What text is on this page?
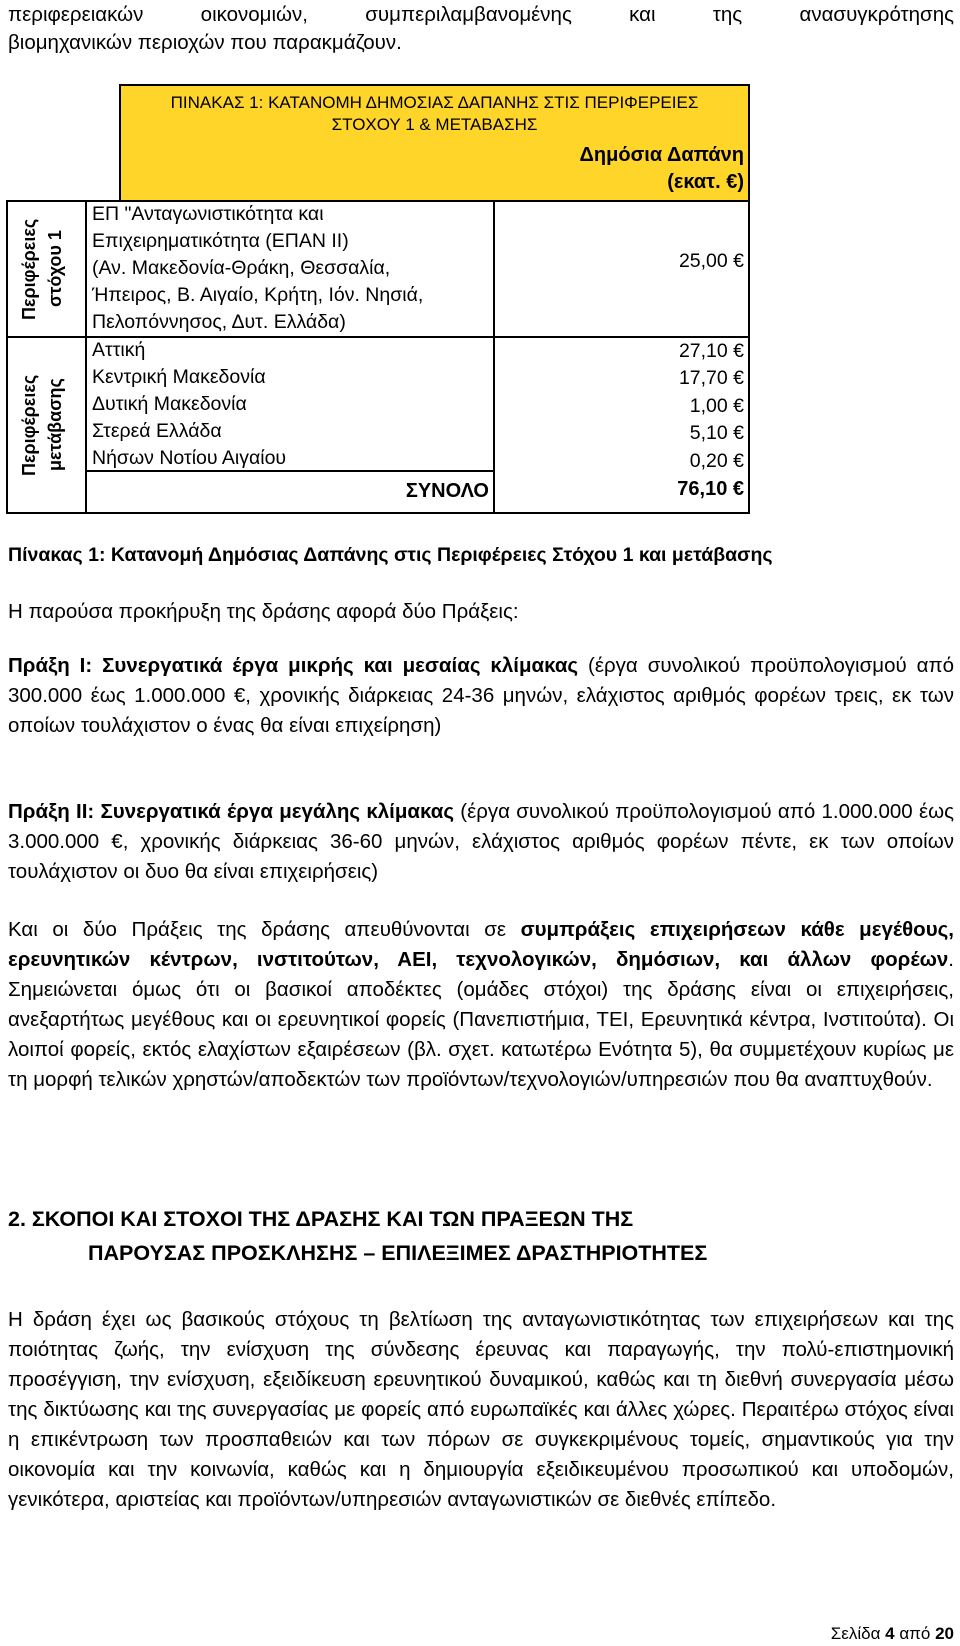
περιφερειακών οικονομιών, συμπεριλαμβανομένης και της ανασυγκρότησης

βιομηχανικών περιοχών που παρακμάζουν.

ΠΙΝΑΚΑΣ 1: ΚΑΤΑΝΟΜΗ ΔΗΜΟΣΙΑΣ ΔΑΠΑΝΗΣ ΣΤΙΣ ΠΕΡΙΦΕΡΕΙΕΣ
ΣΤΟΧΟΥ 1 & ΜΕΤΑΒΑΣΗΣ
Δημόσια Δαπάνη
(εκατ. €)
Περιφέρειες στόχου 1
Περιφέρειες μετάβασης
ΕΠ "Ανταγωνιστικότητα και
Επιχειρηματικότητα (ΕΠΑΝ ΙΙ)
(Αν. Μακεδονία-Θράκη, Θεσσαλία,
Ήπειρος, Β. Αιγαίο, Κρήτη, Ιόν. Νησιά,
Πελοπόννησος, Δυτ. Ελλάδα)
25,00 €
Αττική	27,10 €
Κεντρική Μακεδονία	17,70 €
Δυτική Μακεδονία	1,00 €
Στερεά Ελλάδα	5,10 €
Νήσων Νοτίου Αιγαίου	0,20 €
ΣΥΝΟΛΟ	76,10 €

Πίνακας 1: Κατανομή Δημόσιας Δαπάνης στις Περιφέρειες Στόχου 1 και μετάβασης

Η παρούσα προκήρυξη της δράσης αφορά δύο Πράξεις:

Πράξη Ι: Συνεργατικά έργα μικρής και μεσαίας κλίμακας (έργα συνολικού προϋπολογισμού από 300.000 έως 1.000.000 €, χρονικής διάρκειας 24-36 μηνών, ελάχιστος αριθμός φορέων τρεις, εκ των οποίων τουλάχιστον ο ένας θα είναι επιχείρηση)

Πράξη ΙΙ: Συνεργατικά έργα μεγάλης κλίμακας (έργα συνολικού προϋπολογισμού από 1.000.000 έως 3.000.000 €, χρονικής διάρκειας 36-60 μηνών, ελάχιστος αριθμός φορέων πέντε, εκ των οποίων τουλάχιστον οι δυο θα είναι επιχειρήσεις)

Και οι δύο Πράξεις της δράσης απευθύνονται σε συμπράξεις επιχειρήσεων κάθε μεγέθους, ερευνητικών κέντρων, ινστιτούτων, ΑΕΙ, τεχνολογικών, δημόσιων, και άλλων φορέων. Σημειώνεται όμως ότι οι βασικοί αποδέκτες (ομάδες στόχοι) της δράσης είναι οι επιχειρήσεις, ανεξαρτήτως μεγέθους και οι ερευνητικοί φορείς (Πανεπιστήμια, ΤΕΙ, Ερευνητικά κέντρα, Ινστιτούτα). Οι λοιποί φορείς, εκτός ελαχίστων εξαιρέσεων (βλ. σχετ. κατωτέρω Ενότητα 5), θα συμμετέχουν κυρίως με τη μορφή τελικών χρηστών/αποδεκτών των προϊόντων/τεχνολογιών/υπηρεσιών που θα αναπτυχθούν.

2. ΣΚΟΠΟΙ ΚΑΙ ΣΤΟΧΟΙ ΤΗΣ ΔΡΑΣΗΣ ΚΑΙ ΤΩΝ ΠΡΑΞΕΩΝ ΤΗΣ
ΠΑΡΟΥΣΑΣ ΠΡΟΣΚΛΗΣΗΣ – ΕΠΙΛΕΞΙΜΕΣ ΔΡΑΣΤΗΡΙΟΤΗΤΕΣ

Η δράση έχει ως βασικούς στόχους τη βελτίωση της ανταγωνιστικότητας των επιχειρήσεων και της ποιότητας ζωής, την ενίσχυση της σύνδεσης έρευνας και παραγωγής, την πολύ-επιστημονική προσέγγιση, την ενίσχυση, εξειδίκευση ερευνητικού δυναμικού, καθώς και τη διεθνή συνεργασία μέσω της δικτύωσης και της συνεργασίας με φορείς από ευρωπαϊκές και άλλες χώρες. Περαιτέρω στόχος είναι η επικέντρωση των προσπαθειών και των πόρων σε συγκεκριμένους τομείς, σημαντικούς για την οικονομία και την κοινωνία, καθώς και η δημιουργία εξειδικευμένου προσωπικού και υποδομών, γενικότερα, αριστείας και προϊόντων/υπηρεσιών ανταγωνιστικών σε διεθνές επίπεδο.

Σελίδα 4 από 20
